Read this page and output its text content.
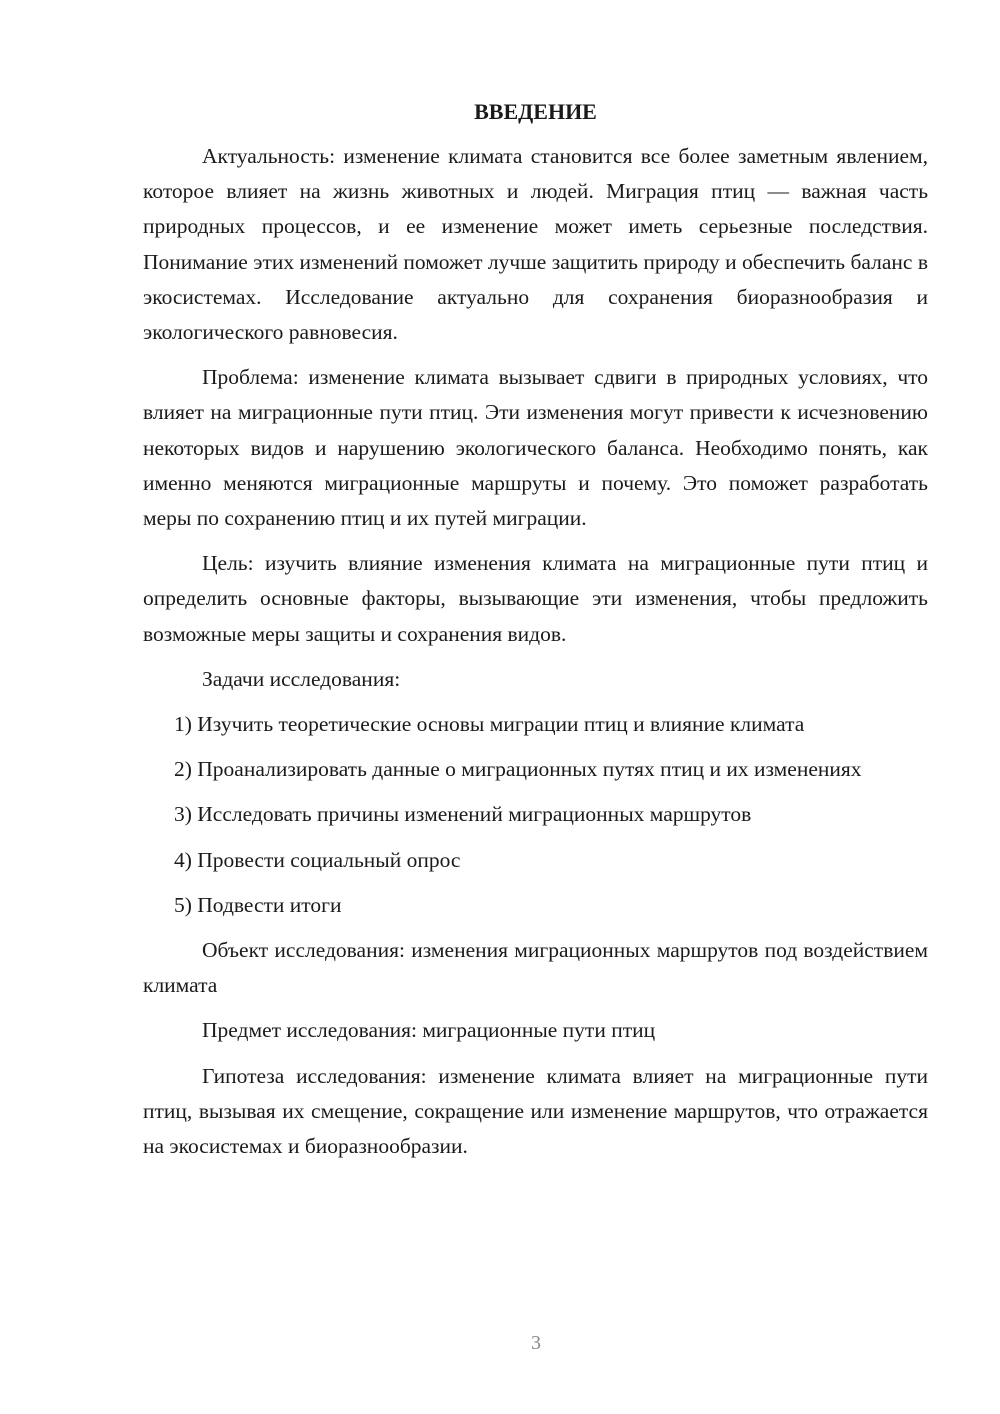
ВВЕДЕНИЕ

Актуальность: изменение климата становится все более заметным явлением, которое влияет на жизнь животных и людей. Миграция птиц — важная часть природных процессов, и ее изменение может иметь серьезные последствия. Понимание этих изменений поможет лучше защитить природу и обеспечить баланс в экосистемах. Исследование актуально для сохранения биоразнообразия и экологического равновесия.

Проблема: изменение климата вызывает сдвиги в природных условиях, что влияет на миграционные пути птиц. Эти изменения могут привести к исчезновению некоторых видов и нарушению экологического баланса. Необходимо понять, как именно меняются миграционные маршруты и почему. Это поможет разработать меры по сохранению птиц и их путей миграции.

Цель: изучить влияние изменения климата на миграционные пути птиц и определить основные факторы, вызывающие эти изменения, чтобы предложить возможные меры защиты и сохранения видов.

Задачи исследования:

1) Изучить теоретические основы миграции птиц и влияние климата

2) Проанализировать данные о миграционных путях птиц и их изменениях

3) Исследовать причины изменений миграционных маршрутов

4) Провести социальный опрос

5) Подвести итоги

Объект исследования: изменения миграционных маршрутов под воздействием климата

Предмет исследования: миграционные пути птиц

Гипотеза исследования: изменение климата влияет на миграционные пути птиц, вызывая их смещение, сокращение или изменение маршрутов, что отражается на экосистемах и биоразнообразии.

3
